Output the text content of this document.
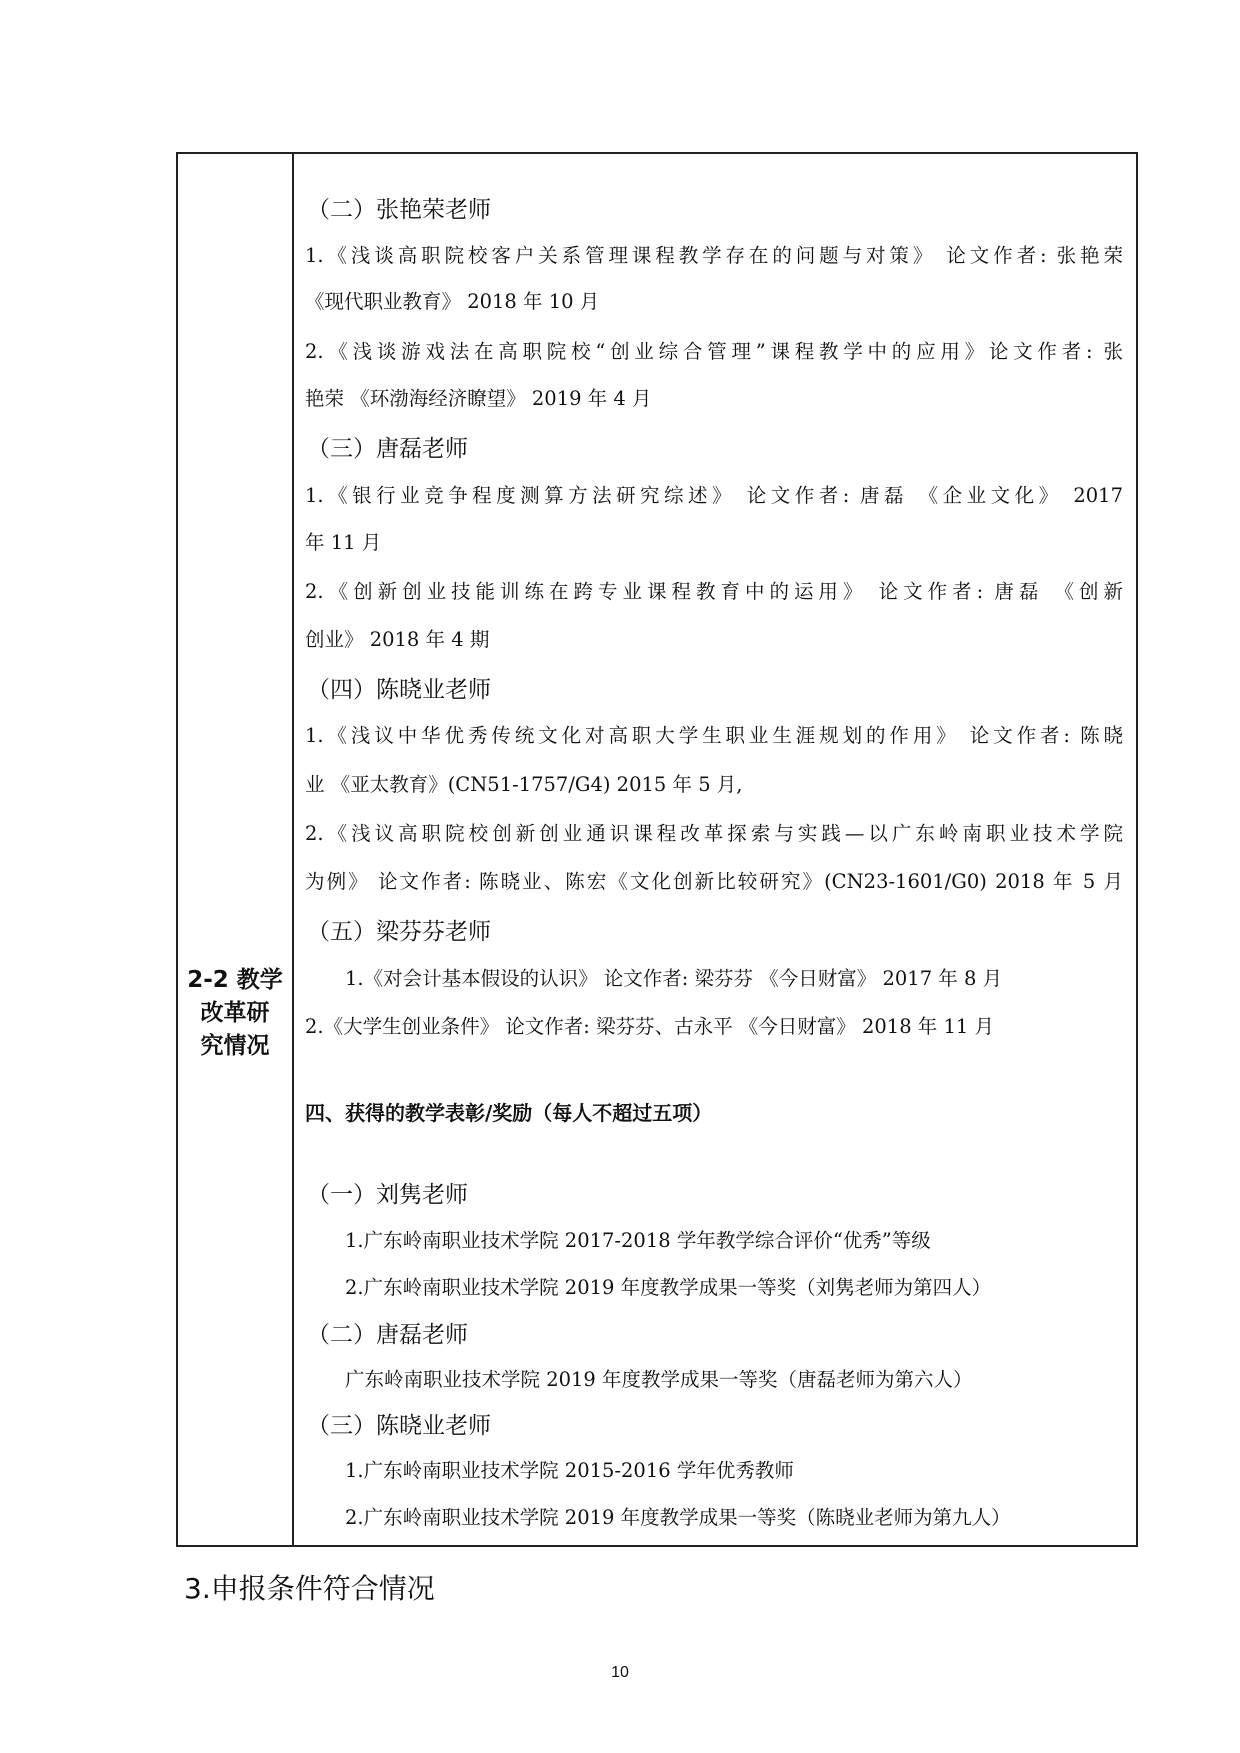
2-2 教学
改革研
究情况
（二）张艳荣老师
1.《浅谈高职院校客户关系管理课程教学存在的问题与对策》 论文作者: 张艳荣
《现代职业教育》 2018 年 10 月
2.《浅谈游戏法在高职院校“创业综合管理”课程教学中的应用》论文作者: 张
艳荣 《环渤海经济瞭望》 2019 年 4 月
（三）唐磊老师
1.《银行业竞争程度测算方法研究综述》 论文作者: 唐磊 《企业文化》 2017
年 11 月
2.《创新创业技能训练在跨专业课程教育中的运用》 论文作者: 唐磊 《创新
创业》 2018 年 4 期
（四）陈晓业老师
1.《浅议中华优秀传统文化对高职大学生职业生涯规划的作用》 论文作者: 陈晓
业 《亚太教育》(CN51-1757/G4) 2015 年 5 月,
2.《浅议高职院校创新创业通识课程改革探索与实践—以广东岭南职业技术学院
为例》 论文作者: 陈晓业、陈宏《文化创新比较研究》(CN23-1601/G0) 2018 年 5 月
（五）梁芬芬老师
1.《对会计基本假设的认识》 论文作者: 梁芬芬 《今日财富》 2017 年 8 月
2.《大学生创业条件》 论文作者: 梁芬芬、古永平 《今日财富》 2018 年 11 月
四、获得的教学表彰/奖励（每人不超过五项）
（一）刘隽老师
1.广东岭南职业技术学院 2017-2018 学年教学综合评价“优秀”等级
2.广东岭南职业技术学院 2019 年度教学成果一等奖（刘隽老师为第四人）
（二）唐磊老师
广东岭南职业技术学院 2019 年度教学成果一等奖（唐磊老师为第六人）
（三）陈晓业老师
1.广东岭南职业技术学院 2015-2016 学年优秀教师
2.广东岭南职业技术学院 2019 年度教学成果一等奖（陈晓业老师为第九人）
3.申报条件符合情况
10
